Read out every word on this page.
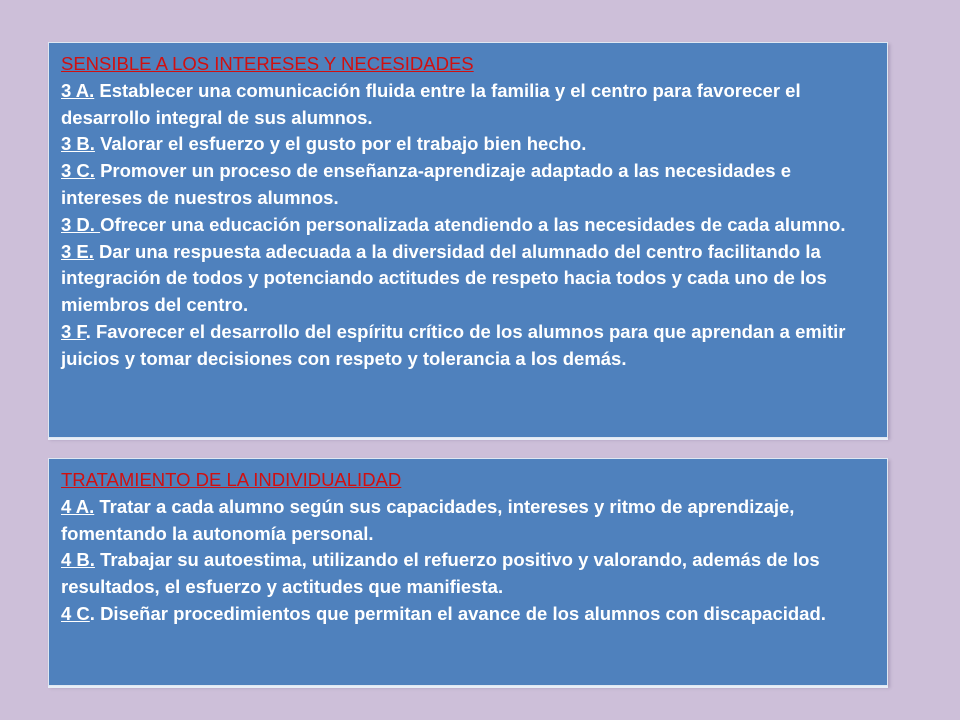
SENSIBLE A LOS INTERESES Y NECESIDADES
3 A. Establecer una comunicación fluida entre la familia y el centro para favorecer el desarrollo integral de sus alumnos.
3 B. Valorar el esfuerzo y el gusto por el trabajo bien hecho.
3 C. Promover un proceso de enseñanza-aprendizaje adaptado a las necesidades e intereses de nuestros alumnos.
3 D. Ofrecer una educación personalizada atendiendo a las necesidades de cada alumno.
3 E. Dar una respuesta adecuada a la diversidad del alumnado del centro facilitando la integración de todos y potenciando actitudes de respeto hacia todos y cada uno de los miembros del centro.
3 F. Favorecer el desarrollo del espíritu crítico de los alumnos para que aprendan a emitir juicios y tomar decisiones con respeto y tolerancia a los demás.
TRATAMIENTO DE LA INDIVIDUALIDAD
4 A. Tratar a cada alumno según sus capacidades, intereses y ritmo de aprendizaje, fomentando la autonomía personal.
4 B. Trabajar su autoestima, utilizando el refuerzo positivo y valorando, además de los resultados, el esfuerzo y actitudes que manifiesta.
4 C. Diseñar procedimientos que permitan el avance de los alumnos con discapacidad.
